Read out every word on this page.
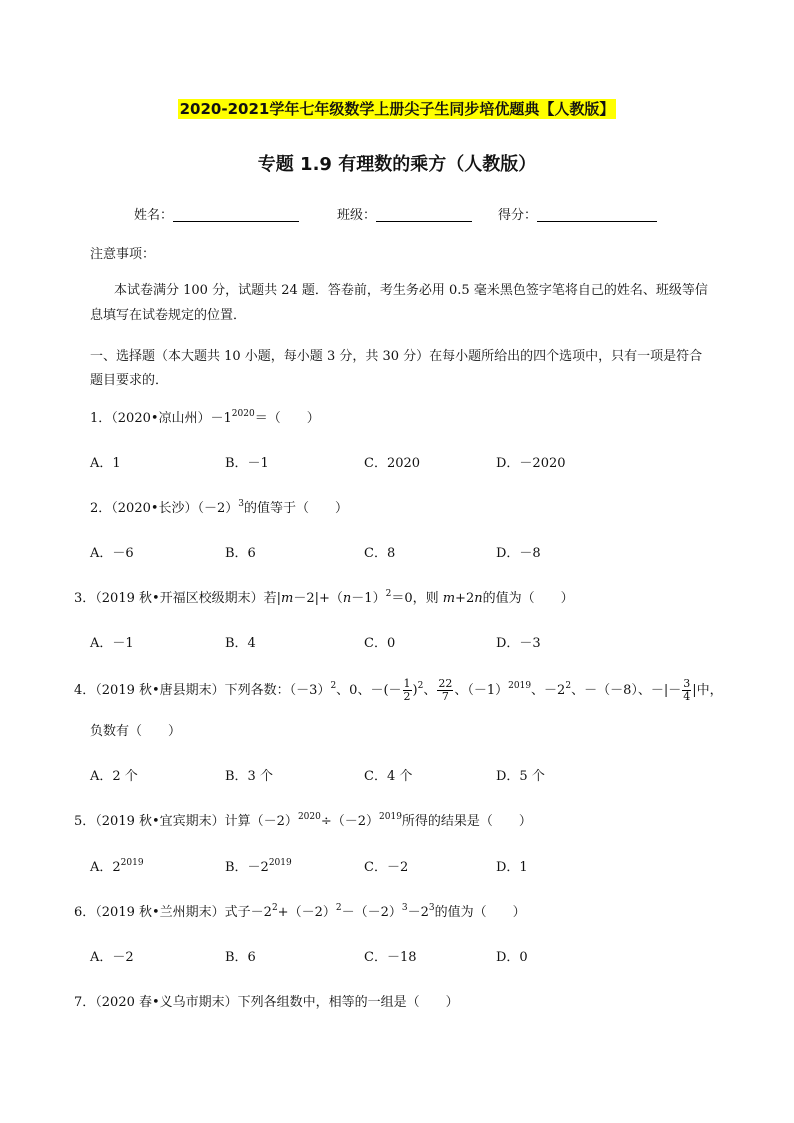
2020-2021学年七年级数学上册尖子生同步培优题典【人教版】
专题 1.9 有理数的乘方（人教版）
姓名：	班级：	得分：
注意事项：
本试卷满分 100 分，试题共 24 题．答卷前，考生务必用 0.5 毫米黑色签字笔将自己的姓名、班级等信
息填写在试卷规定的位置．
一、选择题（本大题共 10 小题，每小题 3 分，共 30 分）在每小题所给出的四个选项中，只有一项是符合
题目要求的．
1．（2020•凉山州）$-1^{2020}=$（　　）
A．1	B．－1	C．2020	D．－2020
2．（2020•长沙）$(-2)^3$的值等于（　　）
A．－6	B．6	C．8	D．－8
3．（2019 秋•开福区校级期末）若$|m-2|+(n-1)^2=0$，则 m+2n的值为（　　）
A．－1	B．4	C．0	D．－3
4．（2019 秋•唐县期末）下列各数：$(-3)^2$、0、－(－ $\frac{1}{2} )^2$、 $\frac{22}{7}$ 、$(-1)^{2019}$、$-2^2$、－（－8）、－|－ $\frac{3}{4}$ |中，
负数有（　　）
A．2 个	B．3 个	C．4 个	D．5 个
5．（2019 秋•宜宾期末）计算$(-2)^{2020}\div(-2)^{2019}$所得的结果是（　　）
A．$2^{2019}$	B．$-2^{2019}$	C．－2	D．1
6．（2019 秋•兰州期末）式子$-2^2+(-2)^2-(-2)^3-2^3$的值为（　　）
A．－2	B．6	C．－18	D．0
7．（2020 春•义乌市期末）下列各组数中，相等的一组是（　　）
